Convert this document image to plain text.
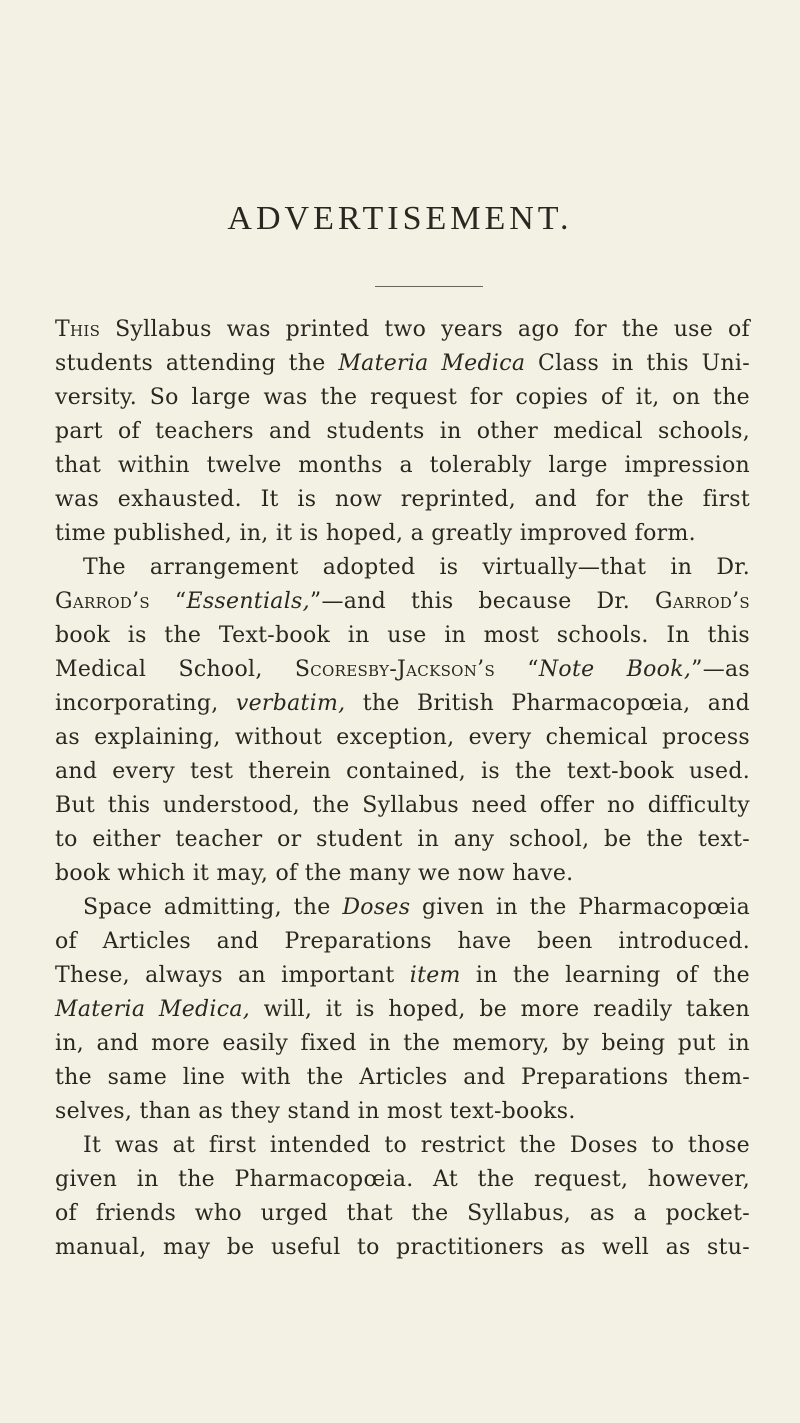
ADVERTISEMENT.
This Syllabus was printed two years ago for the use of
students attending the Materia Medica Class in this Uni-
versity. So large was the request for copies of it, on the
part of teachers and students in other medical schools,
that within twelve months a tolerably large impression
was exhausted. It is now reprinted, and for the first
time published, in, it is hoped, a greatly improved form.
The arrangement adopted is virtually—that in Dr.
Garrod’s “Essentials,”—and this because Dr. Garrod’s
book is the Text-book in use in most schools. In this
Medical School, Scoresby-Jackson’s “Note Book,”—as
incorporating, verbatim, the British Pharmacopœia, and
as explaining, without exception, every chemical process
and every test therein contained, is the text-book used.
But this understood, the Syllabus need offer no difficulty
to either teacher or student in any school, be the text-
book which it may, of the many we now have.
Space admitting, the Doses given in the Pharmacopœia
of Articles and Preparations have been introduced.
These, always an important item in the learning of the
Materia Medica, will, it is hoped, be more readily taken
in, and more easily fixed in the memory, by being put in
the same line with the Articles and Preparations them-
selves, than as they stand in most text-books.
It was at first intended to restrict the Doses to those
given in the Pharmacopœia. At the request, however,
of friends who urged that the Syllabus, as a pocket-
manual, may be useful to practitioners as well as stu-
